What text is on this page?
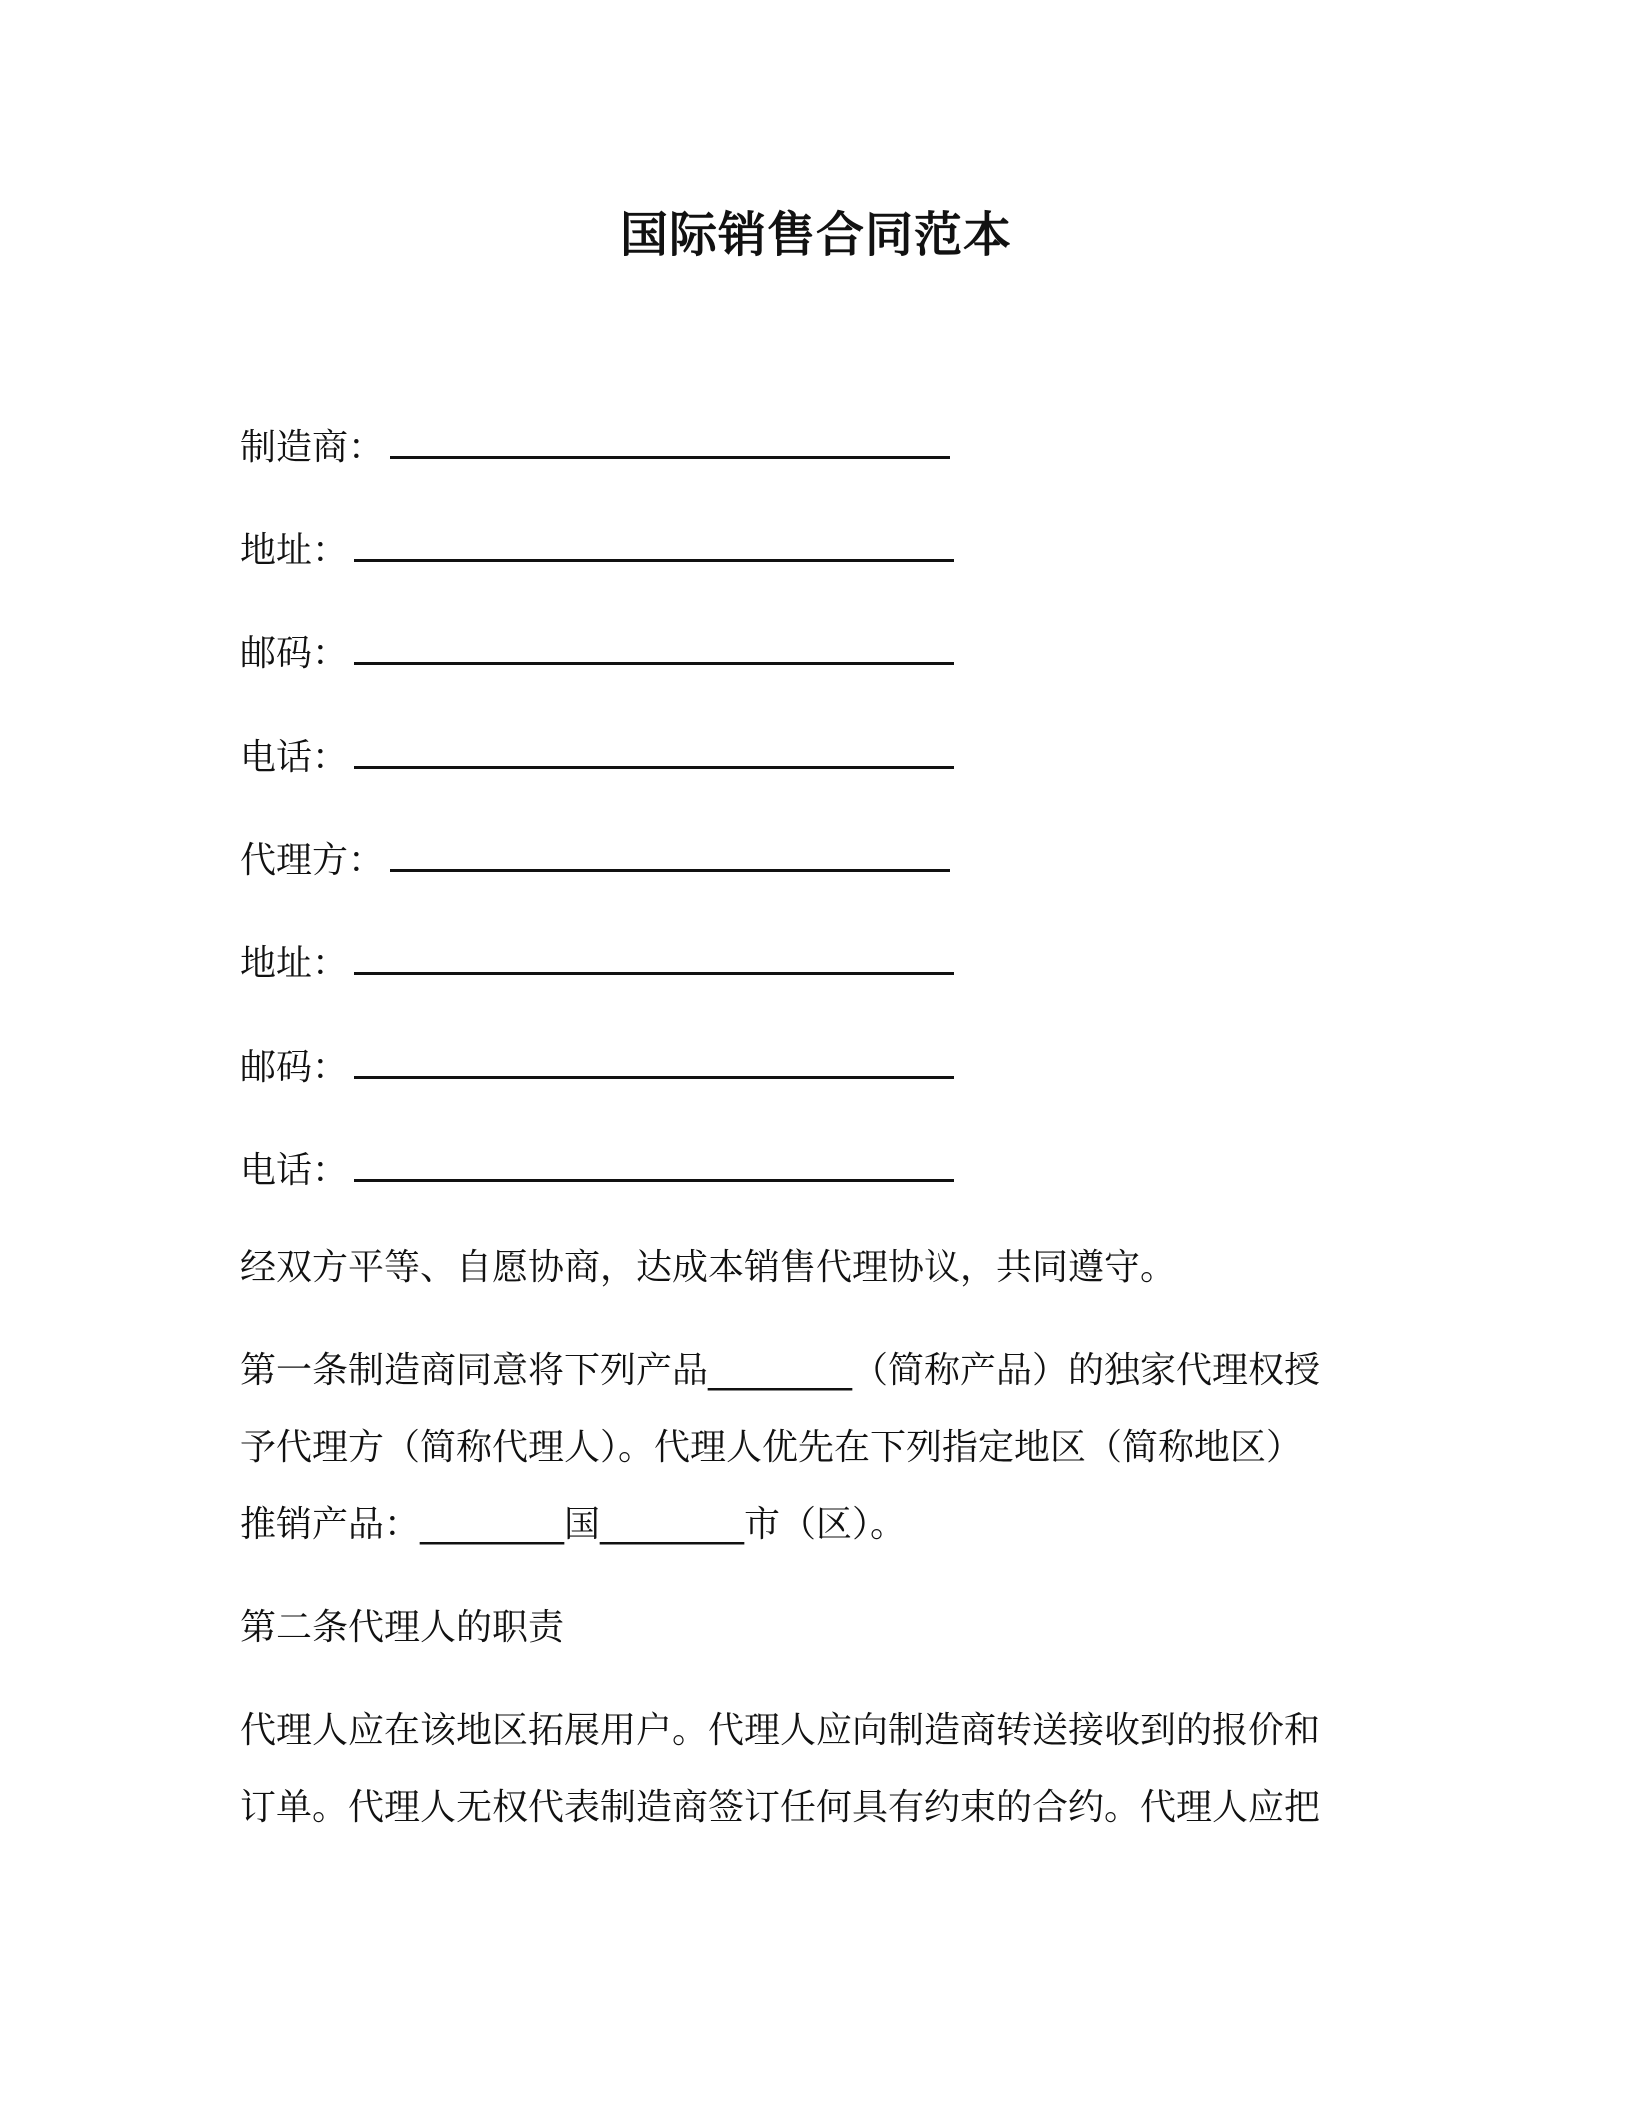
国际销售合同范本
制造商：
地址：
邮码：
电话：
代理方：
地址：
邮码：
电话：
经双方平等、自愿协商，达成本销售代理协议，共同遵守。
第一条制造商同意将下列产品________（简称产品）的独家代理权授
予代理方（简称代理人）。代理人优先在下列指定地区（简称地区）
推销产品：________国________市（区）。
第二条代理人的职责
代理人应在该地区拓展用户。代理人应向制造商转送接收到的报价和
订单。代理人无权代表制造商签订任何具有约束的合约。代理人应把
